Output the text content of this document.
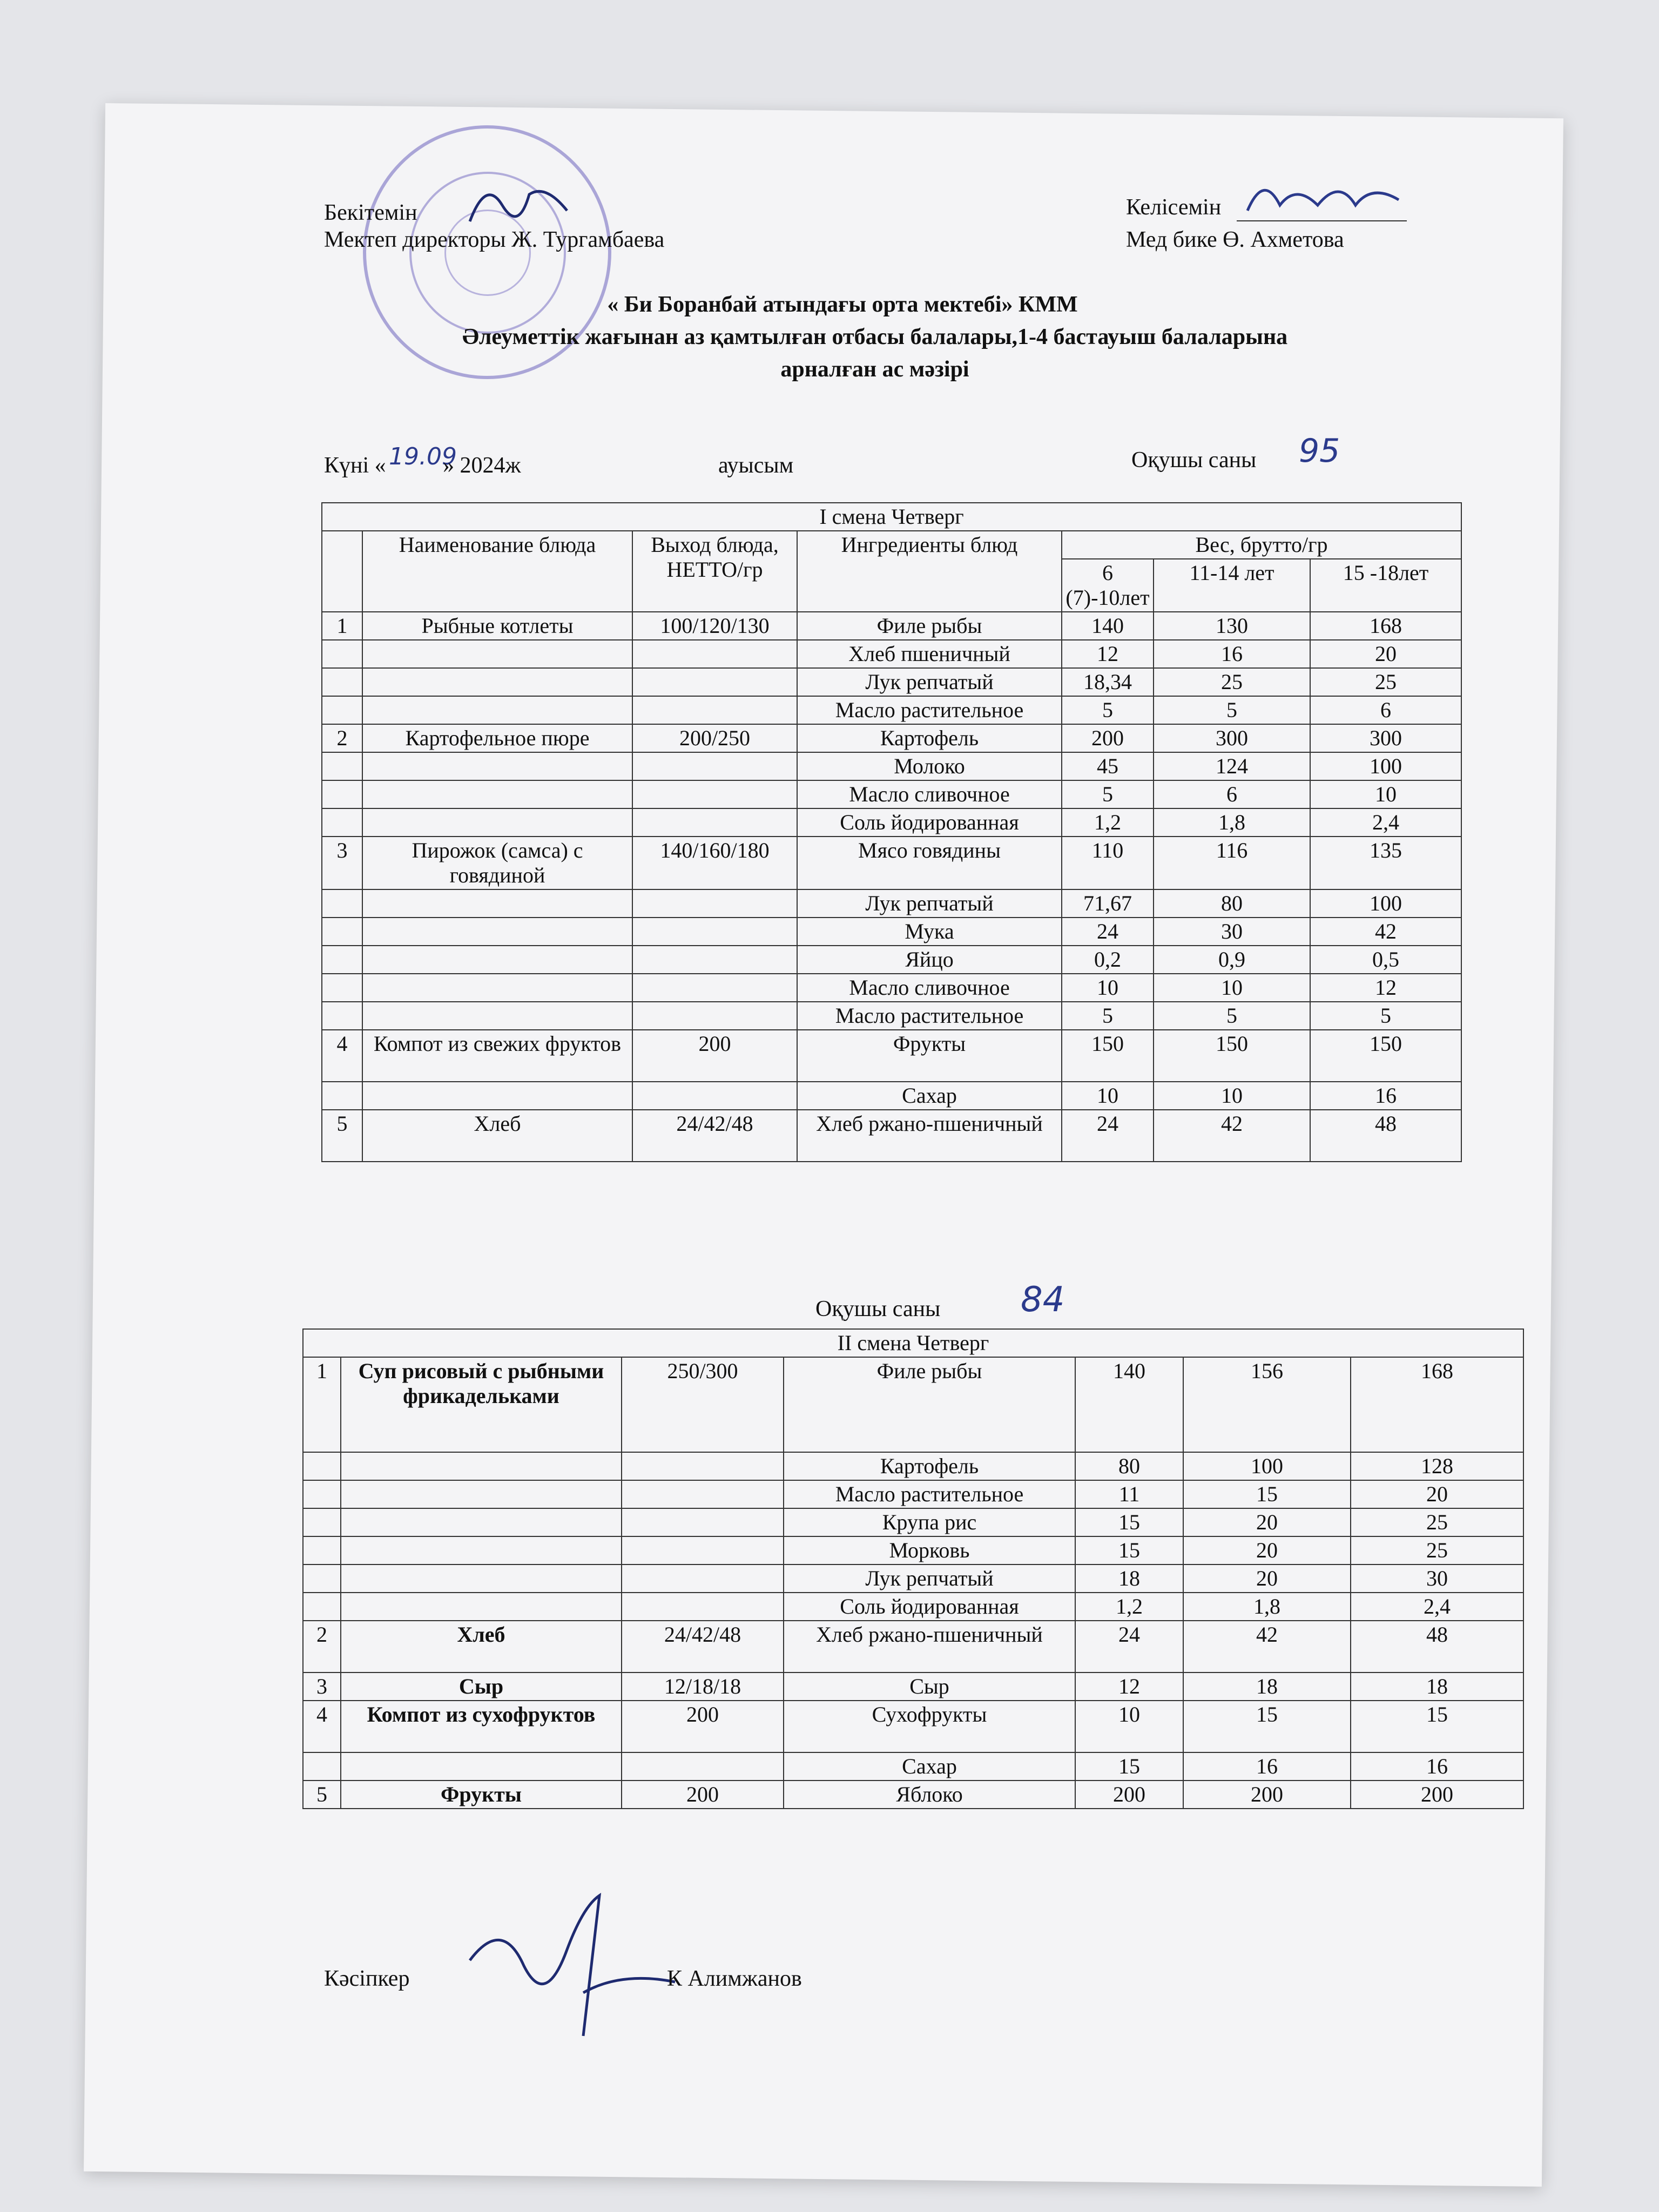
Бекітемін
Мектеп директоры Ж. Тургамбаева
Келісемін
Мед бике Ө. Ахметова
« Би Боранбай атындағы орта мектебі» КММ
Әлеуметтік жағынан аз қамтылған отбасы балалары,1-4 бастауыш балаларына
арналған ас мәзірі
Күні « 19.09
» 2024ж	ауысым	Оқушы саны 95
I смена Четверг						
	Наименование блюда	Выход блюда, НЕТТО/гр	Ингредиенты блюд	Вес, брутто/гр		
				6 (7)-10лет	11-14 лет	15 -18лет
1	Рыбные котлеты	100/120/130	Филе рыбы	140	130	168
			Хлеб пшеничный	12	16	20
			Лук репчатый	18,34	25	25
			Масло растительное	5	5	6
2	Картофельное пюре	200/250	Картофель	200	300	300
			Молоко	45	124	100
			Масло сливочное	5	6	10
			Соль йодированная	1,2	1,8	2,4
3	Пирожок (самса) с говядиной	140/160/180	Мясо говядины	110	116	135
			Лук репчатый	71,67	80	100
			Мука	24	30	42
			Яйцо	0,2	0,9	0,5
			Масло сливочное	10	10	12
			Масло растительное	5	5	5
4	Компот из свежих фруктов	200	Фрукты	150	150	150
			Сахар	10	10	16
5	Хлеб	24/42/48	Хлеб ржано-пшеничный	24	42	48
Оқушы саны 84
II смена Четверг						
1	Суп рисовый с рыбными фрикадельками	250/300	Филе рыбы	140	156	168
			Картофель	80	100	128
			Масло растительное	11	15	20
			Крупа рис	15	20	25
			Морковь	15	20	25
			Лук репчатый	18	20	30
			Соль йодированная	1,2	1,8	2,4
2	Хлеб	24/42/48	Хлеб ржано-пшеничный	24	42	48
3	Сыр	12/18/18	Сыр	12	18	18
4	Компот из сухофруктов	200	Сухофрукты	10	15	15
			Сахар	15	16	16
5	Фрукты	200	Яблоко	200	200	200
Кәсіпкер	К Алимжанов
